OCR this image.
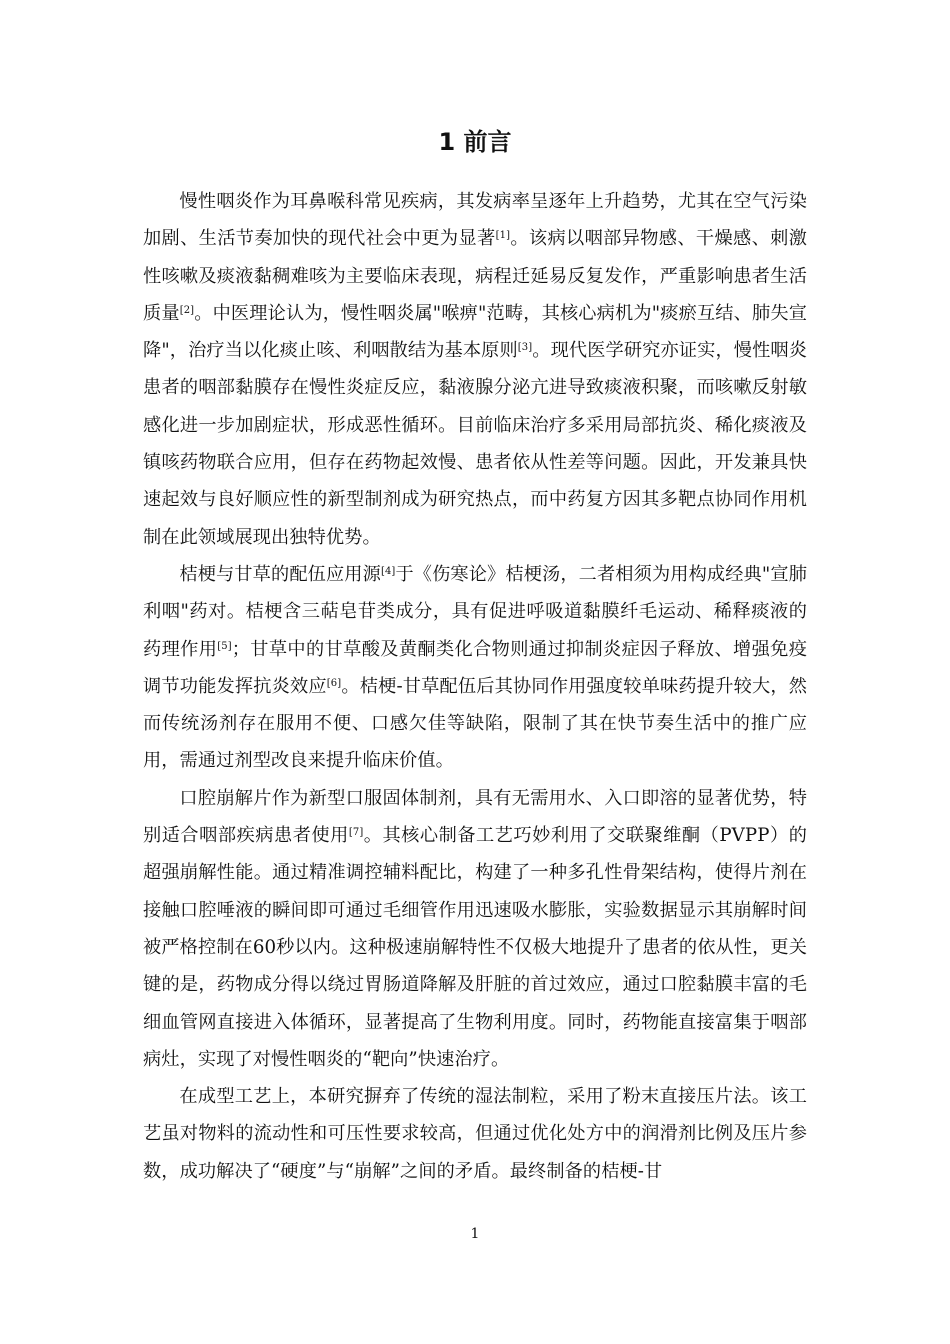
1 前言

慢性咽炎作为耳鼻喉科常见疾病，其发病率呈逐年上升趋势，尤其在空气污染加剧、生活节奏加快的现代社会中更为显著[1]。该病以咽部异物感、干燥感、刺激性咳嗽及痰液黏稠难咳为主要临床表现，病程迁延易反复发作，严重影响患者生活质量[2]。中医理论认为，慢性咽炎属"喉痹"范畴，其核心病机为"痰瘀互结、肺失宣降"，治疗当以化痰止咳、利咽散结为基本原则[3]。现代医学研究亦证实，慢性咽炎患者的咽部黏膜存在慢性炎症反应，黏液腺分泌亢进导致痰液积聚，而咳嗽反射敏感化进一步加剧症状，形成恶性循环。目前临床治疗多采用局部抗炎、稀化痰液及镇咳药物联合应用，但存在药物起效慢、患者依从性差等问题。因此，开发兼具快速起效与良好顺应性的新型制剂成为研究热点，而中药复方因其多靶点协同作用机制在此领域展现出独特优势。

桔梗与甘草的配伍应用源[4]于《伤寒论》桔梗汤，二者相须为用构成经典"宣肺利咽"药对。桔梗含三萜皂苷类成分，具有促进呼吸道黏膜纤毛运动、稀释痰液的药理作用[5]；甘草中的甘草酸及黄酮类化合物则通过抑制炎症因子释放、增强免疫调节功能发挥抗炎效应[6]。桔梗-甘草配伍后其协同作用强度较单味药提升较大，然而传统汤剂存在服用不便、口感欠佳等缺陷，限制了其在快节奏生活中的推广应用，需通过剂型改良来提升临床价值。

口腔崩解片作为新型口服固体制剂，具有无需用水、入口即溶的显著优势，特别适合咽部疾病患者使用[7]。其核心制备工艺巧妙利用了交联聚维酮（PVPP）的超强崩解性能。通过精准调控辅料配比，构建了一种多孔性骨架结构，使得片剂在接触口腔唾液的瞬间即可通过毛细管作用迅速吸水膨胀，实验数据显示其崩解时间被严格控制在60秒以内。这种极速崩解特性不仅极大地提升了患者的依从性，更关键的是，药物成分得以绕过胃肠道降解及肝脏的首过效应，通过口腔黏膜丰富的毛细血管网直接进入体循环，显著提高了生物利用度。同时，药物能直接富集于咽部病灶，实现了对慢性咽炎的“靶向”快速治疗。

在成型工艺上，本研究摒弃了传统的湿法制粒，采用了粉末直接压片法。该工艺虽对物料的流动性和可压性要求较高，但通过优化处方中的润滑剂比例及压片参数，成功解决了“硬度”与“崩解”之间的矛盾。最终制备的桔梗-甘

1
